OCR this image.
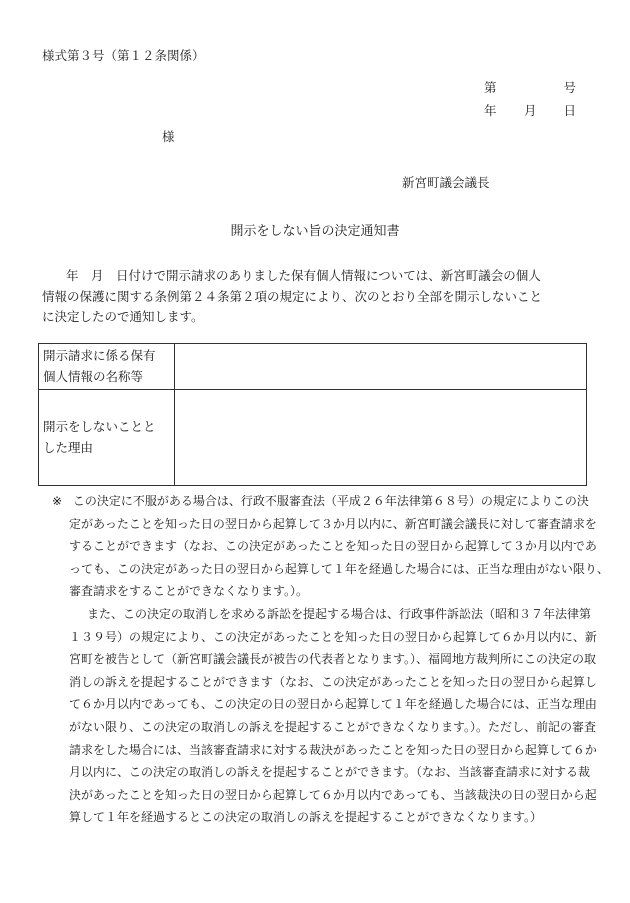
様式第３号（第１２条関係）
第	号
年 月 日
様
新宮町議会議長
開示をしない旨の決定通知書
年　月　日付けで開示請求のありました保有個人情報については、新宮町議会の個人
情報の保護に関する条例第２４条第２項の規定により、次のとおり全部を開示しないこと
に決定したので通知します。
開示請求に係る保有
個人情報の名称等	

開示をしないことと
した理由	

※ この決定に不服がある場合は、行政不服審査法（平成２６年法律第６８号）の規定によりこの決
定があったことを知った日の翌日から起算して３か月以内に、新宮町議会議長に対して審査請求を
することができます（なお、この決定があったことを知った日の翌日から起算して３か月以内であ
っても、この決定があった日の翌日から起算して１年を経過した場合には、正当な理由がない限り、
審査請求をすることができなくなります。）。
また、この決定の取消しを求める訴訟を提起する場合は、行政事件訴訟法（昭和３７年法律第
１３９号）の規定により、この決定があったことを知った日の翌日から起算して６か月以内に、新
宮町を被告として（新宮町議会議長が被告の代表者となります。）、福岡地方裁判所にこの決定の取
消しの訴えを提起することができます（なお、この決定があったことを知った日の翌日から起算し
て６か月以内であっても、この決定の日の翌日から起算して１年を経過した場合には、正当な理由
がない限り、この決定の取消しの訴えを提起することができなくなります。）。ただし、前記の審査
請求をした場合には、当該審査請求に対する裁決があったことを知った日の翌日から起算して６か
月以内に、この決定の取消しの訴えを提起することができます。（なお、当該審査請求に対する裁
決があったことを知った日の翌日から起算して６か月以内であっても、当該裁決の日の翌日から起
算して１年を経過するとこの決定の取消しの訴えを提起することができなくなります。）
